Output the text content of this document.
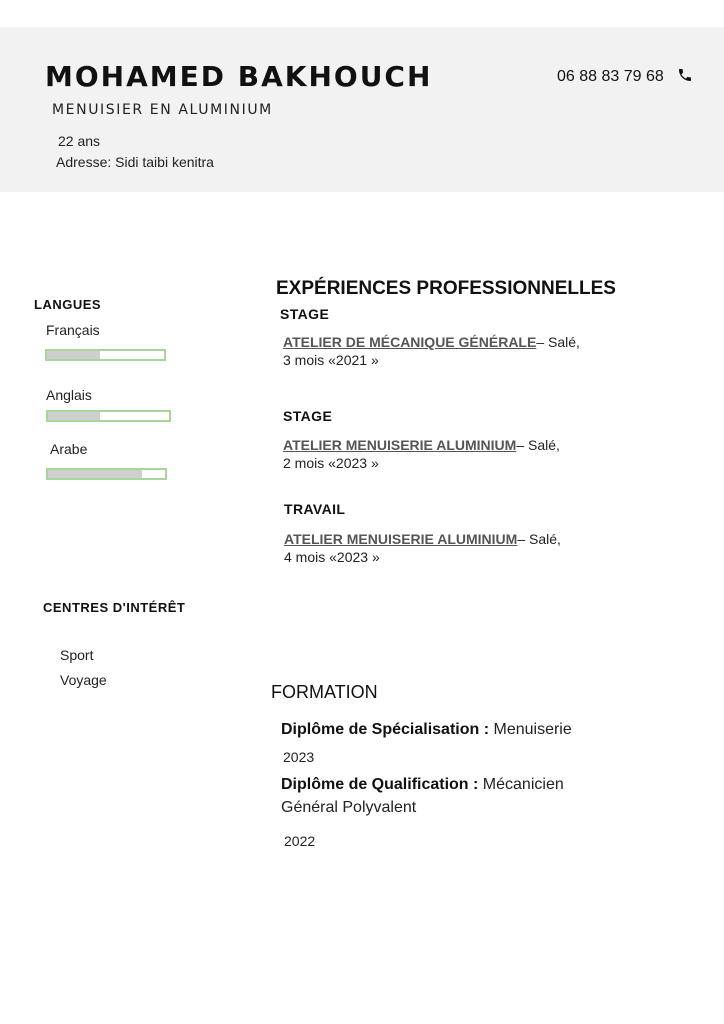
MOHAMED BAKHOUCH
MENUISIER EN ALUMINIUM
22 ans
Adresse: Sidi taibi kenitra
06 88 83 79 68
LANGUES
Français
Anglais
Arabe
CENTRES D'INTÉRÊT
Sport
Voyage
EXPÉRIENCES PROFESSIONNELLES
STAGE
ATELIER DE MÉCANIQUE GÉNÉRALE– Salé,
3 mois «2021 »
STAGE
ATELIER MENUISERIE ALUMINIUM– Salé,
2 mois «2023 »
TRAVAIL
ATELIER MENUISERIE ALUMINIUM– Salé,
4 mois «2023 »
FORMATION
Diplôme de Spécialisation : Menuiserie
2023
Diplôme de Qualification : Mécanicien
Général Polyvalent
2022
